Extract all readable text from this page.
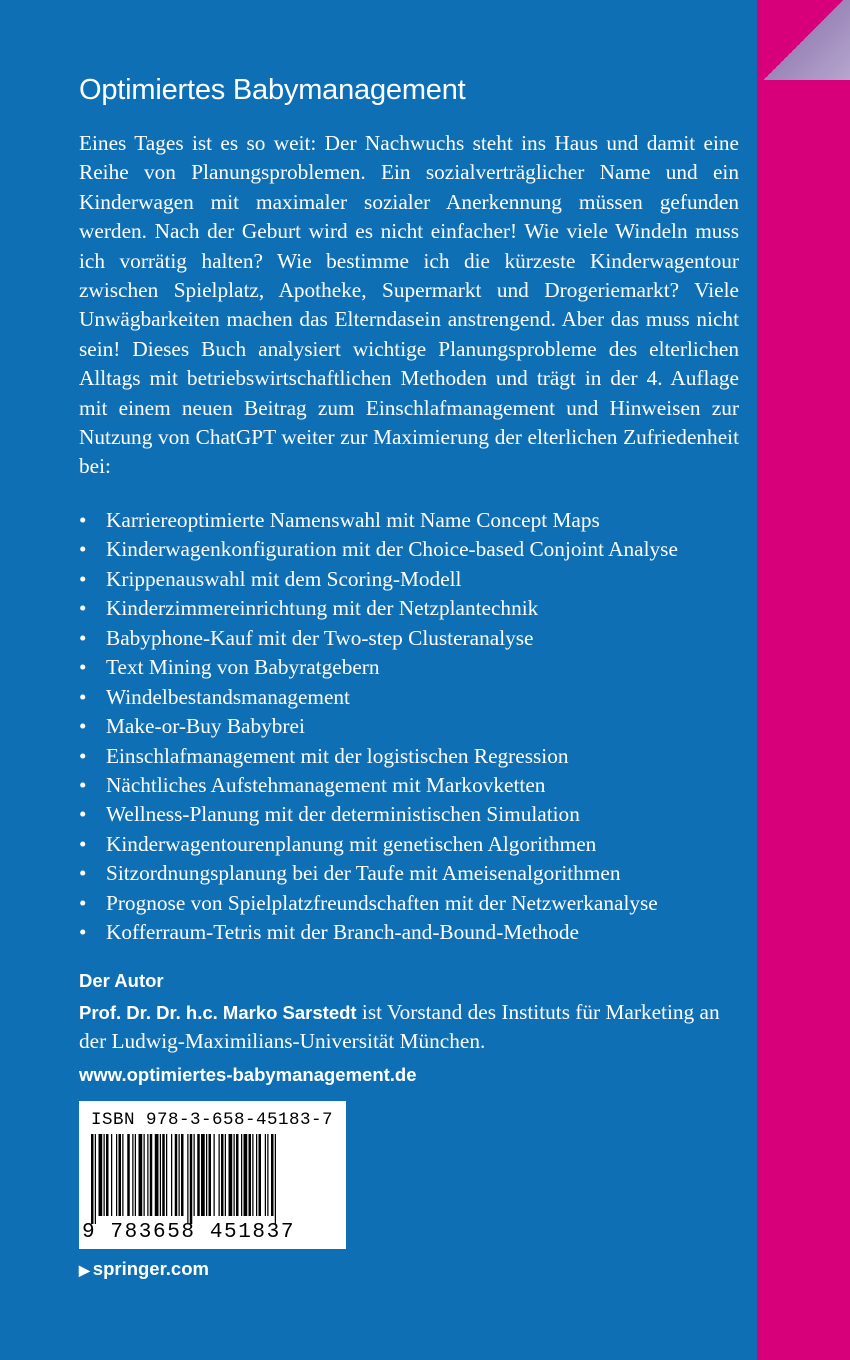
Optimiertes Babymanagement

Eines Tages ist es so weit: Der Nachwuchs steht ins Haus und damit eine Reihe von Planungsproblemen. Ein sozialverträglicher Name und ein Kinderwagen mit maximaler sozialer Anerkennung müssen gefunden werden. Nach der Geburt wird es nicht einfacher! Wie viele Windeln muss ich vorrätig halten? Wie bestimme ich die kürzeste Kinderwagentour zwischen Spielplatz, Apotheke, Supermarkt und Drogeriemarkt? Viele Unwägbarkeiten machen das Elterndasein anstrengend. Aber das muss nicht sein! Dieses Buch analysiert wichtige Planungsprobleme des elterlichen Alltags mit betriebswirtschaftlichen Methoden und trägt in der 4. Auflage mit einem neuen Beitrag zum Einschlafmanagement und Hinweisen zur Nutzung von ChatGPT weiter zur Maximierung der elterlichen Zufriedenheit bei:

• Karriereoptimierte Namenswahl mit Name Concept Maps
• Kinderwagenkonfiguration mit der Choice-based Conjoint Analyse
• Krippenauswahl mit dem Scoring-Modell
• Kinderzimmereinrichtung mit der Netzplantechnik
• Babyphone-Kauf mit der Two-step Clusteranalyse
• Text Mining von Babyratgebern
• Windelbestandsmanagement
• Make-or-Buy Babybrei
• Einschlafmanagement mit der logistischen Regression
• Nächtliches Aufstehmanagement mit Markovketten
• Wellness-Planung mit der deterministischen Simulation
• Kinderwagentourenplanung mit genetischen Algorithmen
• Sitzordnungsplanung bei der Taufe mit Ameisenalgorithmen
• Prognose von Spielplatzfreundschaften mit der Netzwerkanalyse
• Kofferraum-Tetris mit der Branch-and-Bound-Methode
Der Autor

Prof. Dr. Dr. h.c. Marko Sarstedt ist Vorstand des Instituts für Marketing an der Ludwig-Maximilians-Universität München.

www.optimiertes-babymanagement.de
ISBN 978-3-658-45183-7
9 783658 451837
▶ springer.com
